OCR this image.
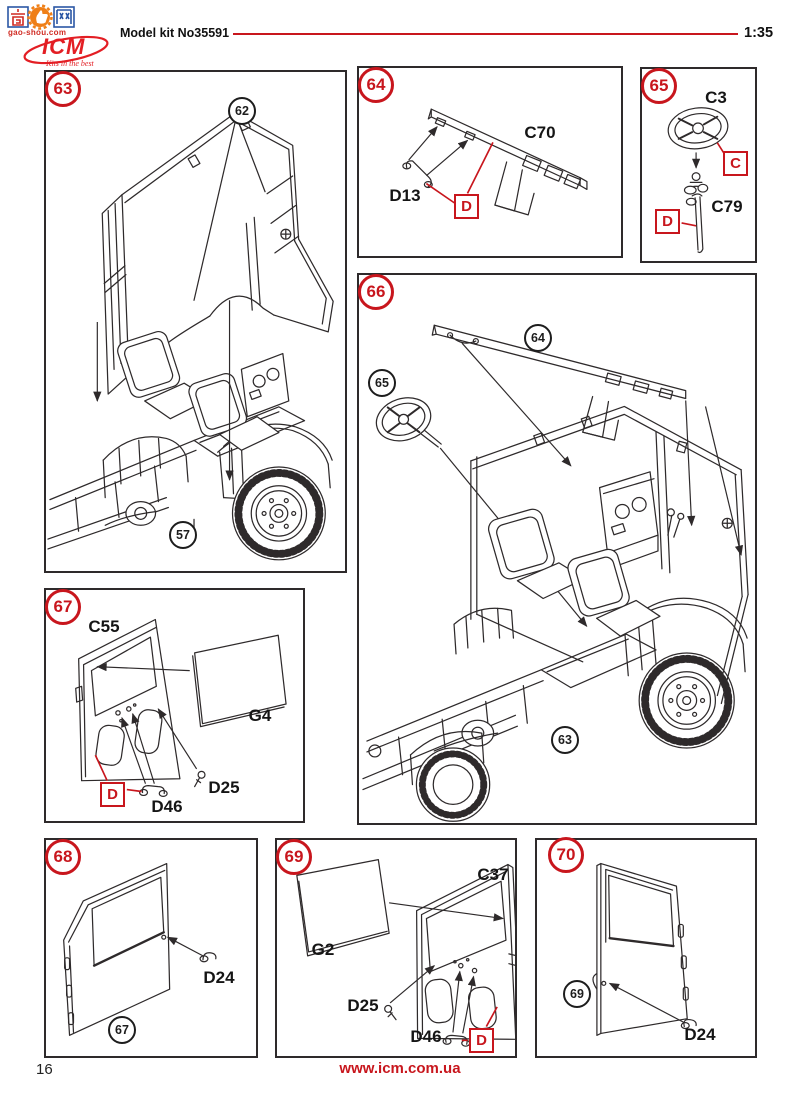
gao-shou.com
ICM
Kits in the best
Model kit No35591	1:35
63
62
57
64
C70
D13
D
65
C3
C79
C
D
66
64
65
63
67
C55
G4
D25
D46
D
68
67
D24
69
C37
G2
D25
D46	D
70
69
D24
16	www.icm.com.ua
